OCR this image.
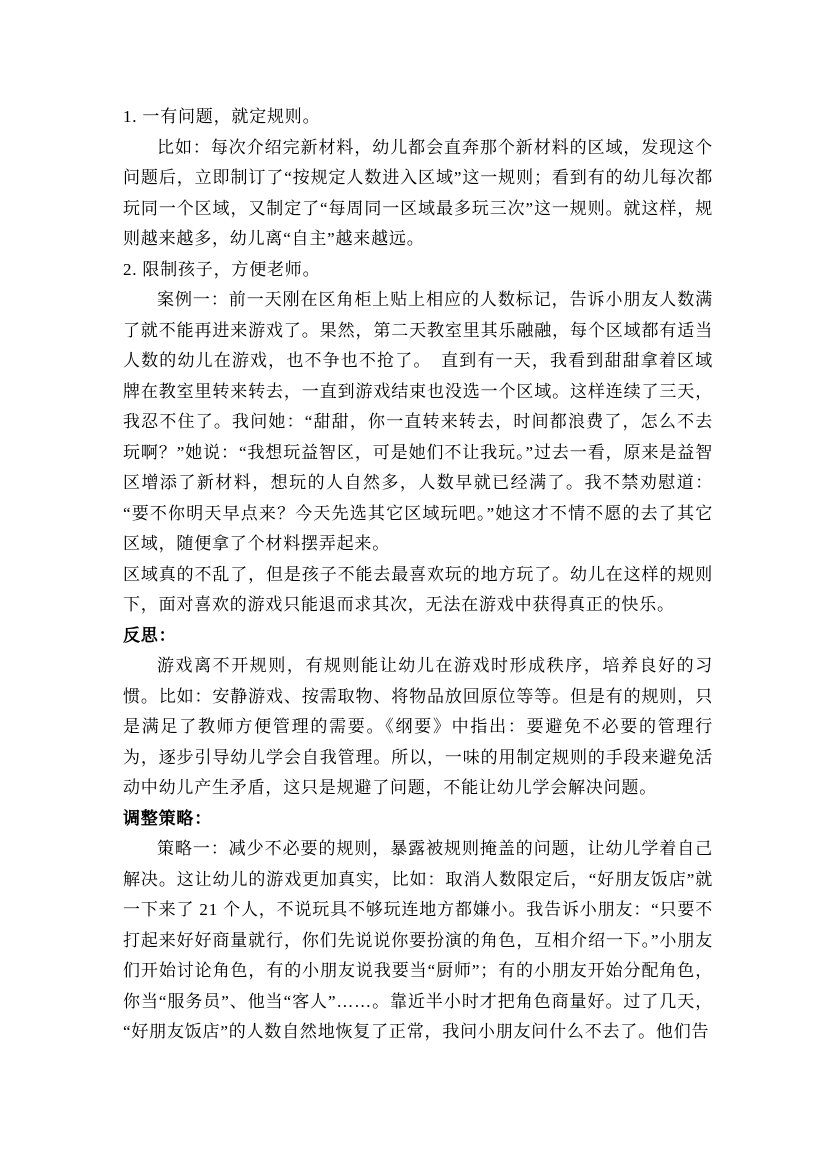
1. 一有问题，就定规则。

比如：每次介绍完新材料，幼儿都会直奔那个新材料的区域，发现这个问题后，立即制订了“按规定人数进入区域”这一规则；看到有的幼儿每次都玩同一个区域，又制定了“每周同一区域最多玩三次”这一规则。就这样，规则越来越多，幼儿离“自主”越来越远。

2. 限制孩子，方便老师。

案例一：前一天刚在区角柜上贴上相应的人数标记，告诉小朋友人数满了就不能再进来游戏了。果然，第二天教室里其乐融融，每个区域都有适当人数的幼儿在游戏，也不争也不抢了。　直到有一天，我看到甜甜拿着区域牌在教室里转来转去，一直到游戏结束也没选一个区域。这样连续了三天，我忍不住了。我问她：“甜甜，你一直转来转去，时间都浪费了，怎么不去玩啊？”她说：“我想玩益智区，可是她们不让我玩。”过去一看，原来是益智区增添了新材料，想玩的人自然多，人数早就已经满了。我不禁劝慰道：“要不你明天早点来？今天先选其它区域玩吧。”她这才不情不愿的去了其它区域，随便拿了个材料摆弄起来。

区域真的不乱了，但是孩子不能去最喜欢玩的地方玩了。幼儿在这样的规则下，面对喜欢的游戏只能退而求其次，无法在游戏中获得真正的快乐。

反思：

游戏离不开规则，有规则能让幼儿在游戏时形成秩序，培养良好的习惯。比如：安静游戏、按需取物、将物品放回原位等等。但是有的规则，只是满足了教师方便管理的需要。《纲要》中指出：要避免不必要的管理行为，逐步引导幼儿学会自我管理。所以，一味的用制定规则的手段来避免活动中幼儿产生矛盾，这只是规避了问题，不能让幼儿学会解决问题。

调整策略：

策略一：减少不必要的规则，暴露被规则掩盖的问题，让幼儿学着自己解决。这让幼儿的游戏更加真实，比如：取消人数限定后，“好朋友饭店”就一下来了 21 个人，不说玩具不够玩连地方都嫌小。我告诉小朋友：“只要不打起来好好商量就行，你们先说说你要扮演的角色，互相介绍一下。”小朋友们开始讨论角色，有的小朋友说我要当“厨师”；有的小朋友开始分配角色，你当“服务员”、他当“客人”……。靠近半小时才把角色商量好。过了几天，“好朋友饭店”的人数自然地恢复了正常，我问小朋友问什么不去了。他们告
